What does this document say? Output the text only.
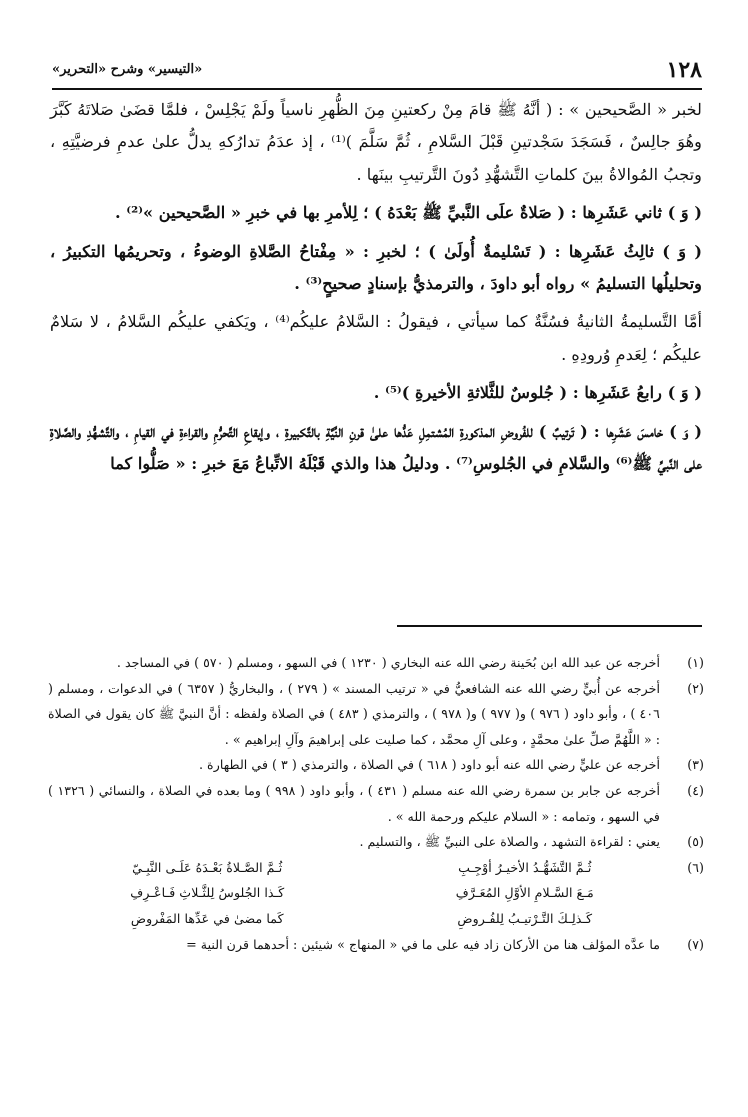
١٢٨
«التيسير» وشرح «التحرير»

لخبر « الصَّحيحين » : ( أنَّهُ ﷺ قامَ مِنْ ركعتينِ مِنَ الظُّهرِ ناسياً ولَمْ يَجْلِسْ ، فلمَّا قضَىٰ صَلاتَهُ كَبَّرَ وهُوَ جالِسٌ ، فَسَجَدَ سَجْدتينِ قَبْلَ السَّلامِ ، ثُمَّ سَلَّمَ )⁽¹⁾ ، إذ عدَمُ تدارُكهِ يدلُّ علىٰ عدمِ فرضيَّتِهِ ، وتجبُ المُوالاةُ بينَ كلماتِ التَّشهُّدِ دُونَ التَّرتيبِ بينَها .

( وَ ) ثاني عَشَرِها : ( صَلاةٌ علَى النَّبيِّ ﷺ بَعْدَهُ ) ؛ لِلأمرِ بها في خبرِ « الصَّحيحين »⁽²⁾ .

( وَ ) ثالِثُ عَشَرِها : ( تَسْليمةٌ أُولَىٰ ) ؛ لخبرِ : « مِفْتاحُ الصَّلاةِ الوضوءُ ، وتحريمُها التكبيرُ ، وتحليلُها التسليمُ » رواه أبو داودَ ، والترمذيُّ بإسنادٍ صحيحٍ⁽³⁾ .

أمَّا التَّسليمةُ الثانيةُ فسُنَّةٌ كما سيأتي ، فيقولُ : السَّلامُ عليكُم⁽⁴⁾ ، ويَكفي عليكُم السَّلامُ ، لا سَلامٌ عليكُم ؛ لِعَدمِ وُرودِهِ .

( وَ ) رابعُ عَشَرِها : ( جُلوسٌ للثَّلاثةِ الأخيرةِ )⁽⁵⁾ .

( وَ ) خامسَ عَشَرِها : ( تَرتيبٌ ) للفُروضِ المذكورةِ المُشتمِلِ عَدُّها علىٰ قرنِ النِّيَّةِ بالتَّكبيرةِ ، وإيقاعِ التَّحرُّمِ والقراءةِ في القيامِ ، والتَّشهُّدِ والصَّلاةِ على النَّبيِّ ﷺ⁽⁶⁾ والسَّلامِ في الجُلوسِ⁽⁷⁾ . ودليلُ هذا والذي قَبْلَهُ الاتِّباعُ مَعَ خبرِ : « صَلُّوا كما

(١)
أخرجه عن عبد الله ابن بُحَينة رضي الله عنه البخاري ( ١٢٣٠ ) في السهو ، ومسلم ( ٥٧٠ ) في المساجد .
(٢)
أخرجه عن أُبيٍّ رضي الله عنه الشافعيُّ في « ترتيب المسند » ( ٢٧٩ ) ، والبخاريُّ ( ٦٣٥٧ ) في الدعوات ، ومسلم ( ٤٠٦ ) ، وأبو داود ( ٩٧٦ ) و( ٩٧٧ ) و( ٩٧٨ ) ، والترمذي ( ٤٨٣ ) في الصلاة ولفظه : أنَّ النبيَّ ﷺ كان يقول في الصلاة : « اللَّهُمَّ صلِّ علىٰ محمَّدٍ ، وعلى آلِ محمَّد ، كما صليت على إبراهيمَ وآلِ إبراهيم » .
(٣)
أخرجه عن عليٍّ رضي الله عنه أبو داود ( ٦١٨ ) في الصلاة ، والترمذي ( ٣ ) في الطهارة .
(٤)
أخرجه عن جابر بن سمرة رضي الله عنه مسلم ( ٤٣١ ) ، وأبو داود ( ٩٩٨ ) وما بعده في الصلاة ، والنسائي ( ١٣٢٦ ) في السهو ، وتمامه : « السلام عليكم ورحمة الله » .
(٥)
يعني : لقراءة التشهد ، والصلاة على النبيِّ ﷺ ، والتسليم .
(٦)
ثُـمَّ التَّشَهُّـدُ الأخيـرُ أوْجِـبِ
ثُـمَّ الصَّـلاةُ بَعْـدَهُ عَلَـى النَّبِـيّ
مَـعَ السَّـلامِ الأوَّلِ المُعَـرَّفِ
كَـذا الجُلوسُ لِلثَّـلاثِ فَـاعْـرِفِ
كَـذلِـكَ التَّـرْتيـبُ لِلفُـروضِ
كَما مضىٰ في عَدِّها المَفْروضِ
(٧)
ما عدَّه المؤلف هنا من الأركان زاد فيه على ما في « المنهاج » شيئين : أحدهما قرن النية =
